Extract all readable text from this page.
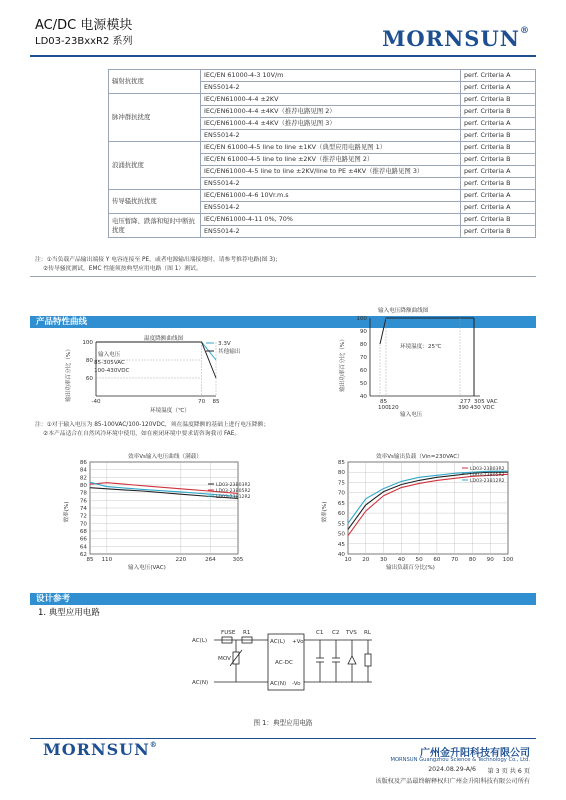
AC/DC 电源模块
LD03-23BxxR2 系列	MORNSUN®
辐射抗扰度	IEC/EN 61000-4-3 10V/m	perf. Criteria A
	EN55014-2	perf. Criteria A
脉冲群抗扰度	IEC/EN61000-4-4 ±2KV	perf. Criteria B
	IEC/EN61000-4-4 ±4KV（推荐电路见图 2）	perf. Criteria B
	IEC/EN61000-4-4 ±4KV（推荐电路见图 3）	perf. Criteria A
	EN55014-2	perf. Criteria B
浪涌抗扰度	IEC/EN 61000-4-5 line to line ±1KV（典型应用电路见图 1）	perf. Criteria B
	IEC/EN 61000-4-5 line to line ±2KV（推荐电路见图 2）	perf. Criteria B
	IEC/EN61000-4-5 line to line ±2KV/line to PE ±4KV（推荐电路见图 3）	perf. Criteria A
	EN55014-2	perf. Criteria B
传导骚扰抗扰度	IEC/EN61000-4-6 10Vr.m.s	perf. Criteria A
	EN55014-2	perf. Criteria A
电压暂降、跌落和短时中断抗扰度	IEC/EN61000-4-11 0%, 70%	perf. Criteria B
	EN55014-2	perf. Criteria B
注：①当负载产品输出端接 Y 电容连接至 PE，或者电源输出端接地时，请参考推荐电路(图 3)；
②传导骚扰测试，EMC 性能须按典型应用电路（图 1）测试。
产品特性曲线
温度降额曲线图
输出功率百分比（%）
100
80
60
-40	70 85
环境温度（℃）
输入电压
85-305VAC
100-430VDC
3.3V
其他输出
输入电压降额曲线图
输出功率百分比（%）
100
90
80
70
60
50
40
85	277 305 VAC
100 120	390 430 VDC
环境温度：25℃
输入电压
注：①对于输入电压为 85-100VAC/100-120VDC，须在温度降额的基础上进行电压降额；
②本产品适合在自然风冷环境中使用，如在密闭环境中要求请咨询我司 FAE。
效率Vs输入电压曲线（满载）
效率(%)
62
64
66
68
70
72
74
76
78
80
82
84
86
85 110	220	264	305
LD03-23B03R2
LD03-23B05R2
LD03-23B12R2
输入电压(VAC)
效率Vs输出负载（Vin=230VAC）
效率(%)
40
45
50
55
60
65
70
75
80
85
10 20 30 40 50 60 70 80 90 100
LD03-23B03R2
LD03-23B05R2
LD03-23B12R2
输出负载百分比(%)
设计参考
1. 典型应用电路
AC(L)
AC(N)
FUSE R1
MOV
AC-DC
AC(L)
AC(N)
+Vo
-Vo
C1 C2 TVS RL
图 1：典型应用电路
MORNSUN®
广州金升阳科技有限公司
MORNSUN Guangzhou Science & Technology Co., Ltd.
2024.08.29-A/6 第 3 页 共 6 页
该版权及产品最终解释权归广州金升阳科技有限公司所有
